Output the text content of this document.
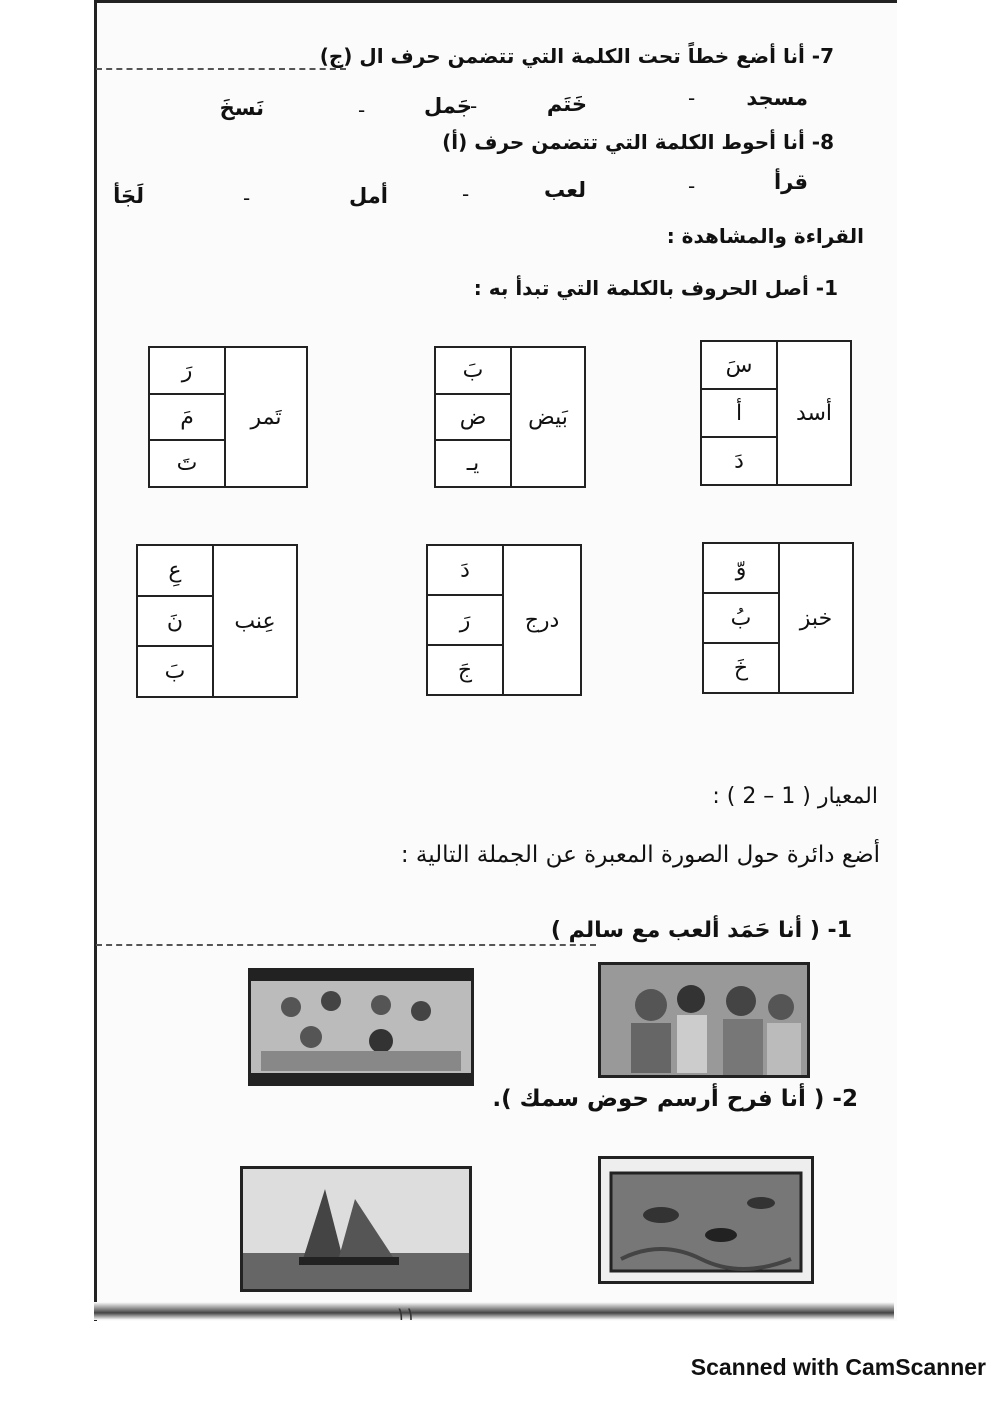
7- أنا أضع خطاً تحت الكلمة التي تتضمن حرف ال (ج)
مسجد
-
خَتَم
جَمل
-
-
نَسخَ
8- أنا أحوط الكلمة التي تتضمن حرف (أ)
قرأ
-
لعب
-
أمل
-
لَجَأ
القراءة والمشاهدة :
1- أصل الحروف بالكلمة التي تبدأ به :
أسد
سَ
أ
دَ
بَيض
بَ
ض
يـ
تَمر
رَ
مَ
تَ
خبز
وّ
بُ
خَ
درج
دَ
رَ
جَ
عِنب
عِ
نَ
بَ
المعيار ( 1 – 2 ) :
أضع دائرة حول الصورة المعبرة عن الجملة التالية :
1- ( أنا حَمَد ألعب مع سالم )
2- ( أنا فرح أرسم حوض سمك ).
١١
Scanned with CamScanner
